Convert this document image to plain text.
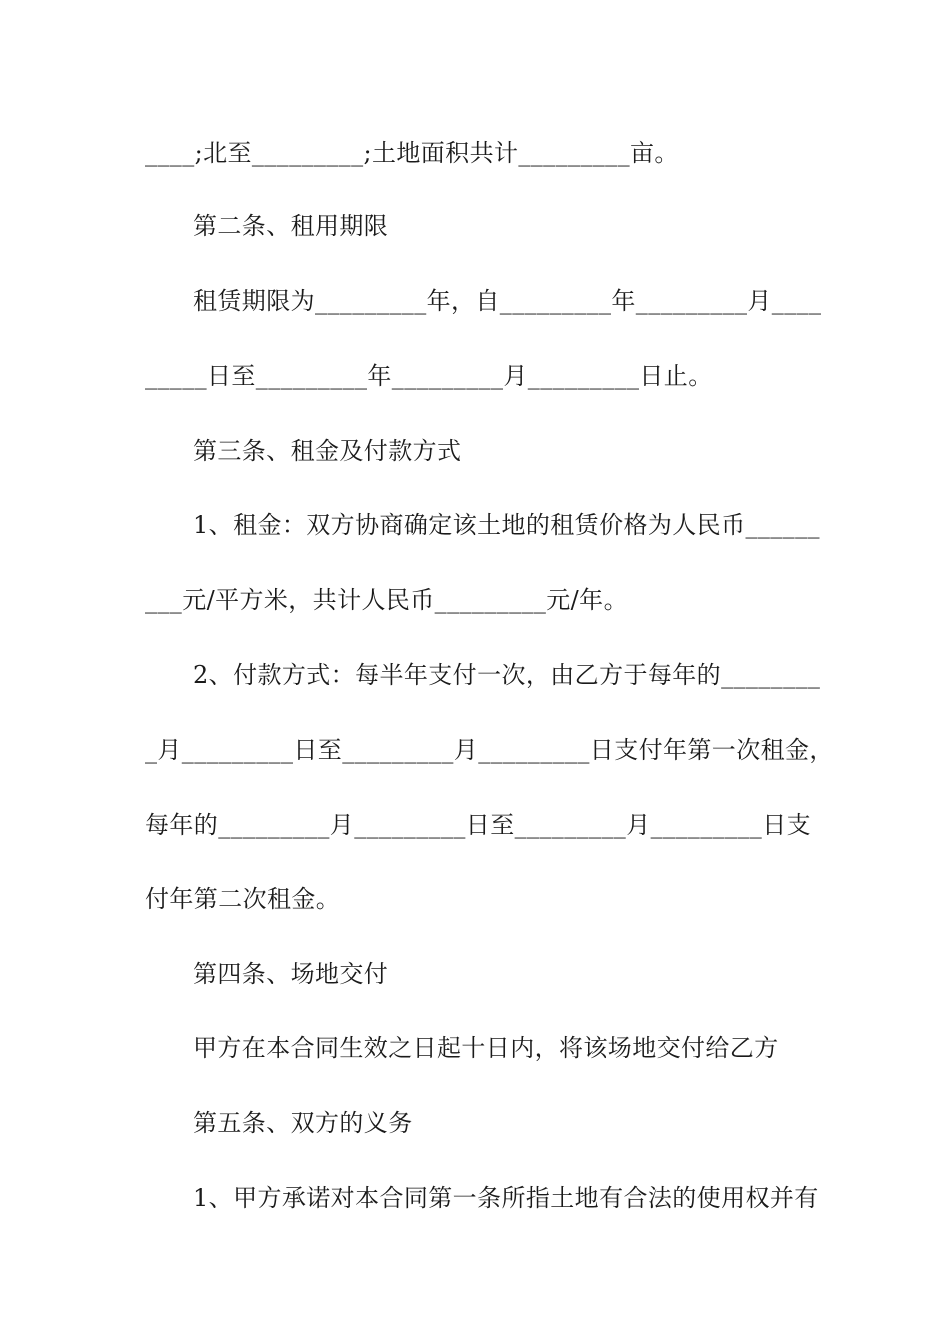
____;北至_________;土地面积共计_________亩。
第二条、租用期限
租赁期限为_________年，自_________年_________月____
_____日至_________年_________月_________日止。
第三条、租金及付款方式
1、租金：双方协商确定该土地的租赁价格为人民币______
___元/平方米，共计人民币_________元/年。
2、付款方式：每半年支付一次，由乙方于每年的________
_月_________日至_________月_________日支付年第一次租金，
每年的_________月_________日至_________月_________日支
付年第二次租金。
第四条、场地交付
甲方在本合同生效之日起十日内，将该场地交付给乙方
第五条、双方的义务
1、甲方承诺对本合同第一条所指土地有合法的使用权并有
